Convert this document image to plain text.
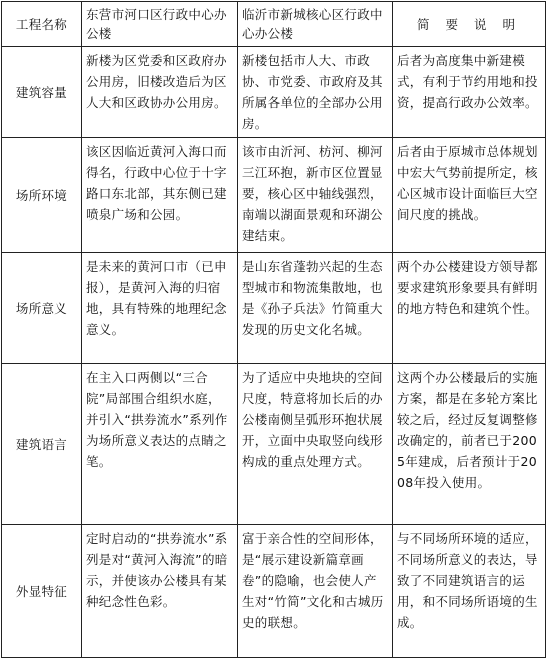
工程名称	东营市河口区行政中心办公楼	临沂市新城核心区行政中心办公楼	简 要 说 明
建筑容量	新楼为区党委和区政府办公用房，旧楼改造后为区人大和区政协办公用房。	新楼包括市人大、市政协、市党委、市政府及其所属各单位的全部办公用房。	后者为高度集中新建模式，有利于节约用地和投资，提高行政办公效率。
场所环境	该区因临近黄河入海口而得名，行政中心位于十字路口东北部，其东侧已建喷泉广场和公园。	该市由沂河、枋河、柳河三江环抱，新市区位置显要，核心区中轴线强烈，南端以湖面景观和环湖公建结束。	后者由于原城市总体规划中宏大气势前提所定，核心区城市设计面临巨大空间尺度的挑战。
场所意义	是未来的黄河口市（已申报），是黄河入海的归宿地，具有特殊的地理纪念意义。	是山东省蓬勃兴起的生态型城市和物流集散地，也是《孙子兵法》竹简重大发现的历史文化名城。	两个办公楼建设方领导都要求建筑形象要具有鲜明的地方特色和建筑个性。
建筑语言	在主入口两侧以“三合院”局部围合组织水庭，并引入“拱券流水”系列作为场所意义表达的点睛之笔。	为了适应中央地块的空间尺度，特意将加长后的办公楼南侧呈弧形环抱状展开，立面中央取竖向线形构成的重点处理方式。	这两个办公楼最后的实施方案，都是在多轮方案比较之后，经过反复调整修改确定的，前者已于2005年建成，后者预计于2008年投入使用。
外显特征	定时启动的“拱券流水”系列是对“黄河入海流”的暗示，并使该办公楼具有某种纪念性色彩。	富于亲合性的空间形体，是“展示建设新篇章画卷”的隐喻，也会使人产生对“竹简”文化和古城历史的联想。	与不同场所环境的适应，不同场所意义的表达，导致了不同建筑语言的运用，和不同场所语境的生成。
